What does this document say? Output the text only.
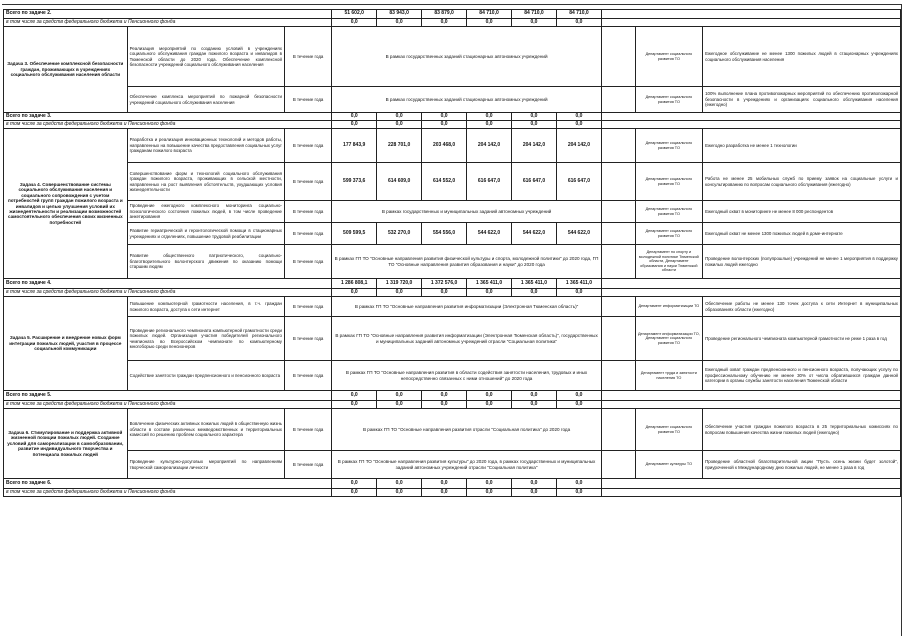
Всего по задаче 2.			51 602,0	83 943,0	83 879,0	84 710,0	84 710,0	84 710,0			
в том числе за средств федерального бюджета и Пенсионного фонда			0,0	0,0	0,0	0,0	0,0	0,0			
Задача 3. Обеспечение комплексной безопасности граждан, проживающих в учреждениях социального обслуживания населения области	Реализация мероприятий по созданию условий в учреждениях социального обслуживания граждан пожилого возраста и инвалидов в Тюменской области до 2020 года. Обеспечение комплексной безопасности учреждений социального обслуживания населения	В течение года	В рамках государственных заданий стационарных автономных учреждений							Департамент социального развития ТО	Ежегодное обслуживание не менее 1300 пожилых людей в стационарных учреждениях социального обслуживания населения
	Обеспечение комплекса мероприятий по пожарной безопасности учреждений социального обслуживания населения	В течение года	В рамках государственных заданий стационарных автономных учреждений							Департамент социального развития ТО	100% выполнение плана противопожарных мероприятий по обеспечению противопожарной безопасности в учреждениях и организациях социального обслуживания населения (ежегодно)
Всего по задаче 3.			0,0	0,0	0,0	0,0	0,0	0,0			
в том числе за средств федерального бюджета и Пенсионного фонда			0,0	0,0	0,0	0,0	0,0	0,0			
Задача 4. Совершенствование системы социального обслуживания населения и социального сопровождения с учетом потребностей групп граждан пожилого возраста и инвалидов и целью улучшения условий их жизнедеятельности и реализации возможностей самостоятельного обеспечения своих жизненных потребностей	Разработка и реализация инновационных технологий и методов работы, направленных на повышение качества предоставления социальных услуг гражданам пожилого возраста	В течение года	177 843,9	228 701,0	203 468,0	204 142,0	204 142,0	204 142,0		Департамент социального развития ТО	Ежегодно разработка не менее 1 технологии
	Совершенствование форм и технологий социального обслуживания граждан пожилого возраста, проживающих в сельской местности, направленных на рост выявления обстоятельств, ухудшающих условия жизнедеятельности	В течение года	599 373,6	614 609,0	614 552,0	616 647,0	616 647,0	616 647,0		Департамент социального развития ТО	Работа не менее 25 мобильных служб по приему заявок на социальные услуги и консультированию по вопросам социального обслуживания (ежегодно)
	Проведение ежегодного комплексного мониторинга социально-психологического состояния пожилых людей, в том числе проведение анкетирования	В течение года	В рамках государственных и муниципальных заданий автономных учреждений							Департамент социального развития ТО	Ежегодный охват в мониторинге не менее 8 000 респондентов
	Развитие гериатрической и геронтологической помощи в стационарных учреждениях и отделениях, повышение трудовой реабилитации	В течение года	509 599,5	532 270,0	554 556,0	544 622,0	544 622,0	544 622,0		Департамент социального развития ТО	Ежегодный охват не менее 1300 пожилых людей в доме-интернате
	Развитие общественного патриотического, социально-благотворительного волонтерского движения по оказанию помощи старшим людям	В течение года	В рамках ГП ТО "Основные направления развития физической культуры и спорта, молодежной политики" до 2020 года, ГП ТО "Основные направления развития образования и науки" до 2020 года							Департамент по спорту и молодежной политике Тюменской области, Департамент образования и науки Тюменской области	Проведение волонтерских (полупрошлые) учреждений не менее 1 мероприятия в поддержку пожилых людей ежегодно
Всего по задаче 4.			1 286 808,1	1 319 720,0	1 372 576,0	1 365 411,0	1 365 411,0	1 365 411,0			
в том числе за средств федерального бюджета и Пенсионного фонда			0,0	0,0	0,0	0,0	0,0	0,0			
Задача 5. Расширение и внедрение новых форм интеграции пожилых людей, участия в процессе социальной коммуникации	Повышение компьютерной грамотности населения, в т.ч. граждан пожилого возраста, доступа к сети интернет	В течение года	В рамках ГП ТО "Основные направления развития информатизации (Электронная Тюменская область)"							Департамент информатизации ТО	Обеспечение работы не менее 130 точек доступа к сети Интернет в муниципальных образованиях области (ежегодно)
	Проведение регионального чемпионата компьютерной грамотности среди пожилых людей. Организация участия победителей регионального чемпионата во Всероссийском чемпионате по компьютерному многоборью среди пенсионеров	В течение года	В рамках ГП ТО "Основные направления развития информатизации (Электронная Тюменская область)", государственных и муниципальных заданий автономных учреждений отрасли "Социальная политика"							Департамент информатизации ТО, Департамент социального развития ТО	Проведение регионального чемпионата компьютерной грамотности не реже 1 раза в год
	Содействие занятости граждан предпенсионного и пенсионного возраста	В течение года	В рамках ГП ТО "Основные направления развития в области содействия занятости населения, трудовых и иных непосредственно связанных с ними отношений" до 2020 года							Департамент труда и занятости населения ТО	Ежегодный охват граждан предпенсионного и пенсионного возраста, получающих услугу по профессиональному обучению не менее 30% от числа обратившихся граждан данной категории в органы службы занятости населения Тюменской области
Всего по задаче 5.			0,0	0,0	0,0	0,0	0,0	0,0			
в том числе за средств федерального бюджета и Пенсионного фонда			0,0	0,0	0,0	0,0	0,0	0,0			
Задача 6. Стимулирование и поддержка активной жизненной позиции пожилых людей. Создание условий для самореализации в самообразовании, развитие индивидуального творчества и потенциала пожилых людей	Вовлечение физических активных пожилых людей в общественную жизнь области в составе различных межведомственных и территориальных комиссий по решению проблем социального характера	В течение года	В рамках ГП ТО "Основные направления развития отрасли "Социальная политика" до 2020 года							Департамент социального развития ТО	Обеспечение участия граждан пожилого возраста в 25 территориальных комиссиях по вопросам повышения качества жизни пожилых людей (ежегодно)
	Проведение культурно-досуговых мероприятий по направлениям творческой самореализации личности	В течение года	В рамках ГП ТО "Основные направления развития культуры" до 2020 года, в рамках государственных и муниципальных заданий автономных учреждений отрасли "Социальная политика"							Департамент культуры ТО	Проведение областной благотворительной акции "Пусть осень жизни будет золотой", приуроченной к Международному дню пожилых людей, не менее 1 раза в год
Всего по задаче 6.			0,0	0,0	0,0	0,0	0,0	0,0			
в том числе за средств федерального бюджета и Пенсионного фонда			0,0	0,0	0,0	0,0	0,0	0,0			
